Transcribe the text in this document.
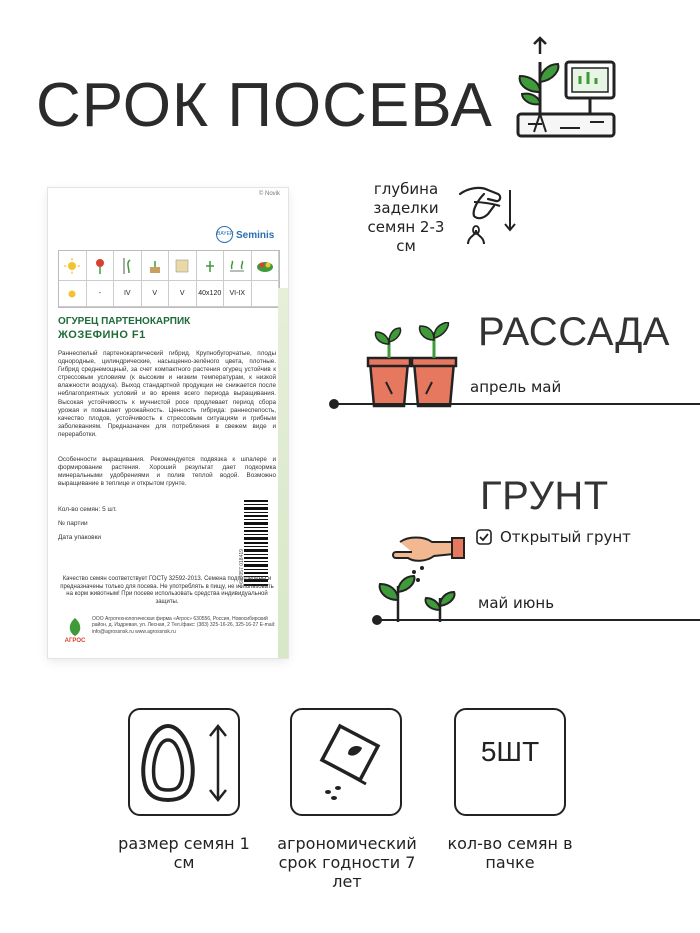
СРОК ПОСЕВА
© Novik
BAYER Seminis
-	IV	V	V	40x120	VI-IX
ОГУРЕЦ ПАРТЕНОКАРПИК
ЖОЗЕФИНО F1
Раннеспелый партенокарпический гибрид. Крупнобугорчатые, плоды однородные, цилиндрические, насыщенно-зелёного цвета, плотные. Гибрид среднемощный, за счет компактного растения огурец устойчив к стрессовым условиям (к высоким и низким температурам, к низкой влажности воздуха). Выход стандартной продукции не снижается после неблагоприятных условий и во время всего периода выращивания. Высокая устойчивость к мучнистой росе продлевает период сбора урожая и повышает урожайность. Ценность гибрида: раннеспелость, качество плодов, устойчивость к стрессовым ситуациям и грибным заболеваниям. Предназначен для потребления в свежем виде и переработки.
Особенности выращивания. Рекомендуется подвязка к шпалере и формирование растения. Хороший результат дает подкормка минеральными удобрениями и полив теплой водой. Возможно выращивание в теплице и открытом грунте.
Кол-во семян: 5 шт.
№ партии
Дата упаковки
4 607057 018419
Качество семян соответствует ГОСТу 32592-2013. Семена подготовлены и предназначены только для посева. Не употреблять в пищу, не использовать на корм животным! При посеве использовать средства индивидуальной защиты.
АГРОС
ООО Агротехнологическая фирма «Агрос» 630556, Россия, Новосибирский район, д. Издревая, ул. Лесная, 2 Тел./факс: (383) 325-16-26, 325-16-27 E-mail: info@agrossnsk.ru www.agrossnsk.ru
глубина заделки семян 2-3 см
РАССАДА
апрель май
ГРУНТ
Открытый грунт
май июнь
размер семян 1 см
агрономический срок годности 7 лет
5ШТ
кол-во семян в пачке
